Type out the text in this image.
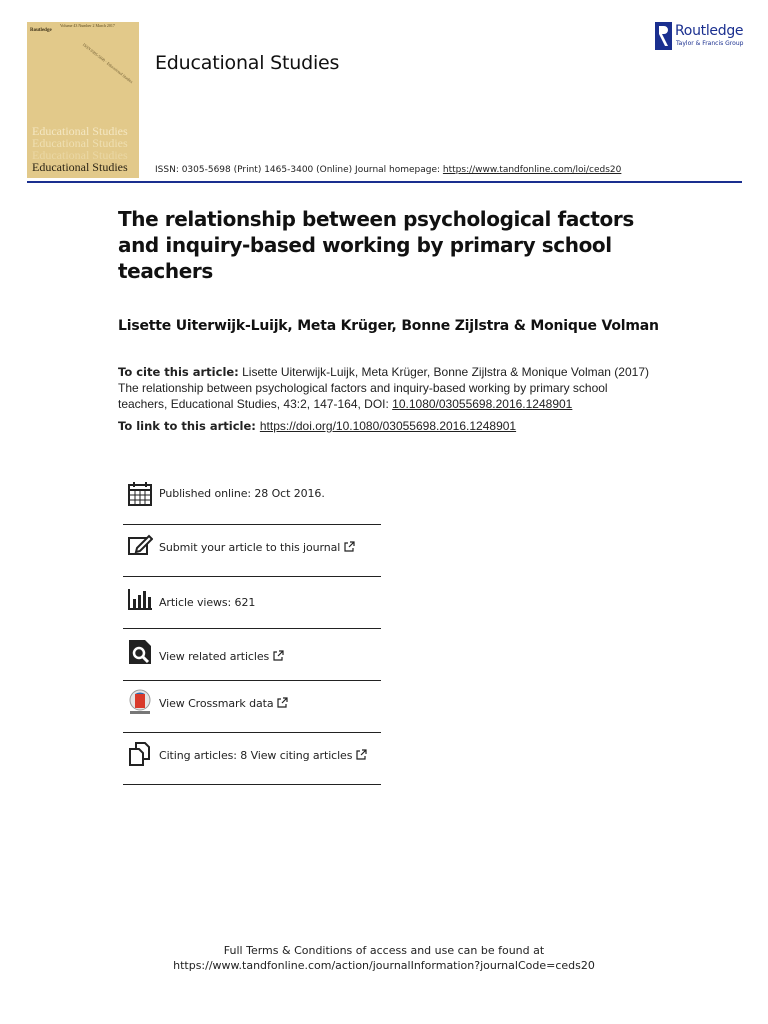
Volume 43 Number 2 March 2017
Routledge
ISSN 0305-5698 · Educational Studies
Educational Studies
Educational Studies
Educational Studies
Educational Studies
Educational Studies
ISSN: 0305-5698 (Print) 1465-3400 (Online) Journal homepage: https://www.tandfonline.com/loi/ceds20
Routledge
Taylor & Francis Group
The relationship between psychological factors and inquiry-based working by primary school teachers
Lisette Uiterwijk-Luijk, Meta Krüger, Bonne Zijlstra & Monique Volman
To cite this article: Lisette Uiterwijk-Luijk, Meta Krüger, Bonne Zijlstra & Monique Volman (2017) The relationship between psychological factors and inquiry-based working by primary school teachers, Educational Studies, 43:2, 147-164, DOI: 10.1080/03055698.2016.1248901
To link to this article: https://doi.org/10.1080/03055698.2016.1248901
Published online: 28 Oct 2016.
Submit your article to this journal
Article views: 621
View related articles
View Crossmark data
Citing articles: 8 View citing articles
Full Terms & Conditions of access and use can be found at
https://www.tandfonline.com/action/journalInformation?journalCode=ceds20
